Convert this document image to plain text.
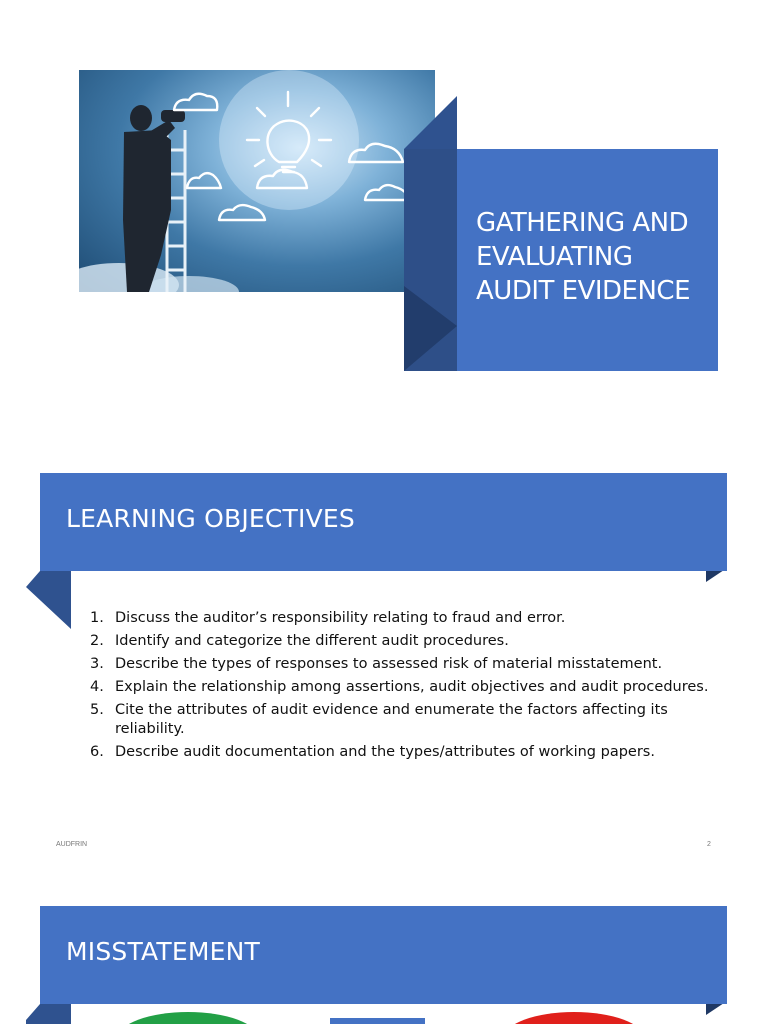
GATHERING AND
EVALUATING
AUDIT EVIDENCE
LEARNING OBJECTIVES
1. Discuss the auditor’s responsibility relating to fraud and error.
2. Identify and categorize the different audit procedures.
3. Describe the types of responses to assessed risk of material misstatement.
4. Explain the relationship among assertions, audit objectives and audit procedures.
5. Cite the attributes of audit evidence and enumerate the factors affecting its reliability.
6. Describe audit documentation and the types/attributes of working papers.
AUDFRIN	2
MISSTATEMENT
